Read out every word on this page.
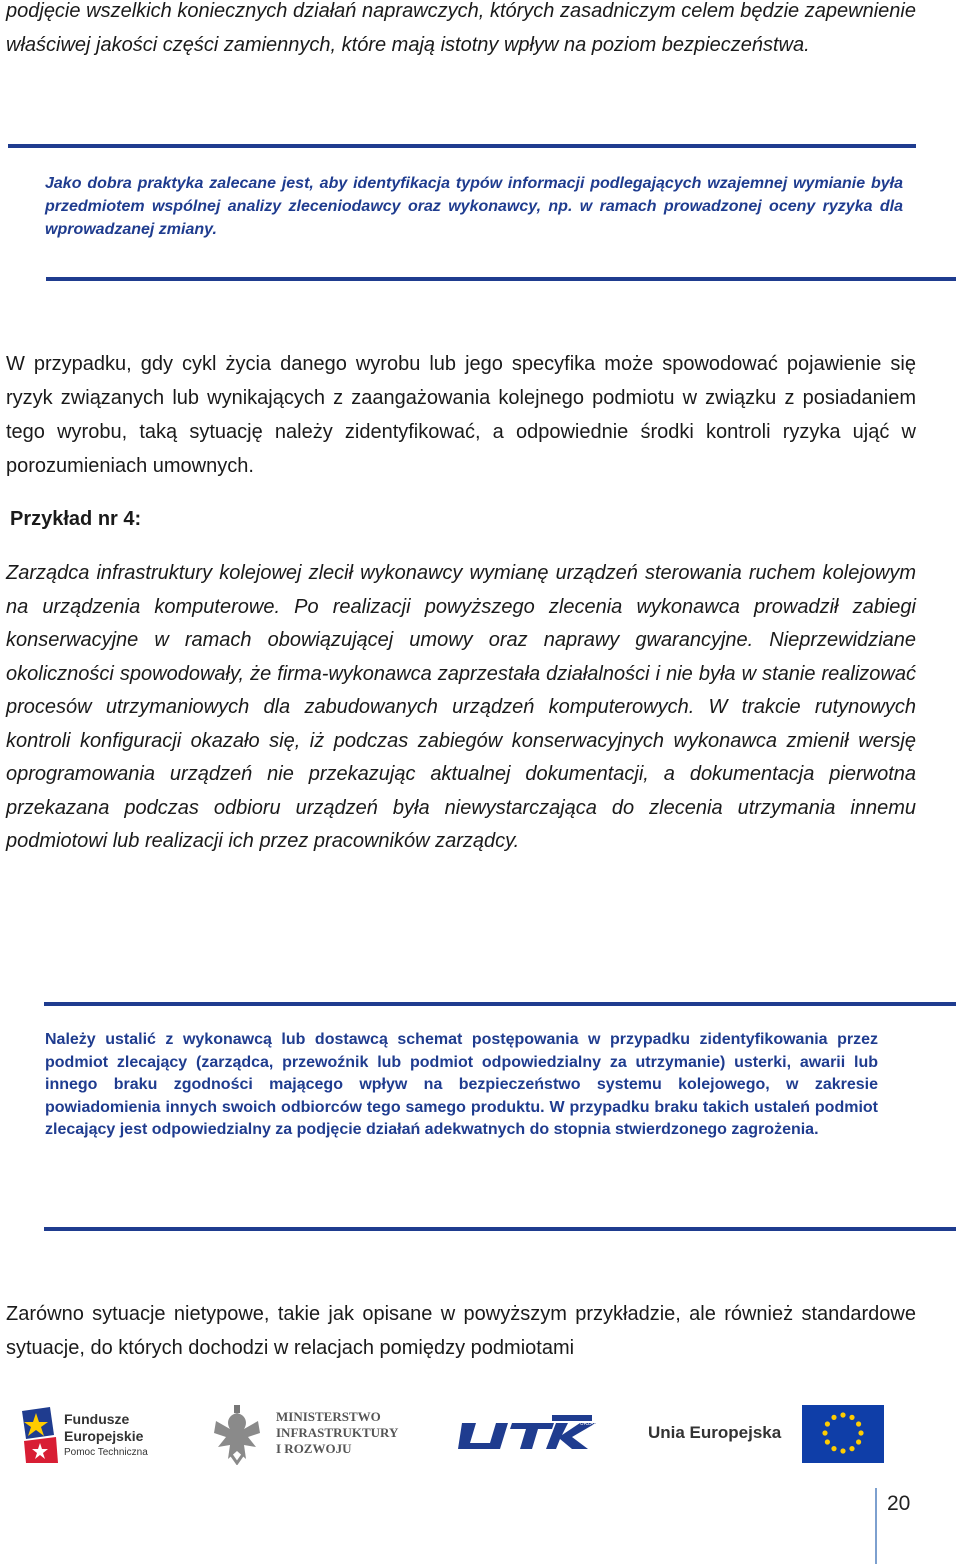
podjęcie wszelkich koniecznych działań naprawczych, których zasadniczym celem będzie zapewnienie właściwej jakości części zamiennych, które mają istotny wpływ na poziom bezpieczeństwa.

Jako dobra praktyka zalecane jest, aby identyfikacja typów informacji podlegających wzajemnej wymianie była przedmiotem wspólnej analizy zleceniodawcy oraz wykonawcy, np. w ramach prowadzonej oceny ryzyka dla wprowadzanej zmiany.

W przypadku, gdy cykl życia danego wyrobu lub jego specyfika może spowodować pojawienie się ryzyk związanych lub wynikających z zaangażowania kolejnego podmiotu w związku z posiadaniem tego wyrobu, taką sytuację należy zidentyfikować, a odpowiednie środki kontroli ryzyka ująć w porozumieniach umownych.

Przykład nr 4:

Zarządca infrastruktury kolejowej zlecił wykonawcy wymianę urządzeń sterowania ruchem kolejowym na urządzenia komputerowe. Po realizacji powyższego zlecenia wykonawca prowadził zabiegi konserwacyjne w ramach obowiązującej umowy oraz naprawy gwarancyjne. Nieprzewidziane okoliczności spowodowały, że firma-wykonawca zaprzestała działalności i nie była w stanie realizować procesów utrzymaniowych dla zabudowanych urządzeń komputerowych. W trakcie rutynowych kontroli konfiguracji okazało się, iż podczas zabiegów konserwacyjnych wykonawca zmienił wersję oprogramowania urządzeń nie przekazując aktualnej dokumentacji, a dokumentacja pierwotna przekazana podczas odbioru urządzeń była niewystarczająca do zlecenia utrzymania innemu podmiotowi lub realizacji ich przez pracowników zarządcy.

Należy ustalić z wykonawcą lub dostawcą schemat postępowania w przypadku zidentyfikowania przez podmiot zlecający (zarządca, przewoźnik lub podmiot odpowiedzialny za utrzymanie) usterki, awarii lub innego braku zgodności mającego wpływ na bezpieczeństwo systemu kolejowego, w zakresie powiadomienia innych swoich odbiorców tego samego produktu. W przypadku braku takich ustaleń podmiot zlecający jest odpowiedzialny za podjęcie działań adekwatnych do stopnia stwierdzonego zagrożenia.

Zarówno sytuacje nietypowe, takie jak opisane w powyższym przykładzie, ale również standardowe sytuacje, do których dochodzi w relacjach pomiędzy podmiotami

Fundusze
Europejskie
Pomoc Techniczna
MINISTERSTWO
INFRASTRUKTURY
I ROZWOJU
URZĄD	Unia Europejska
20
